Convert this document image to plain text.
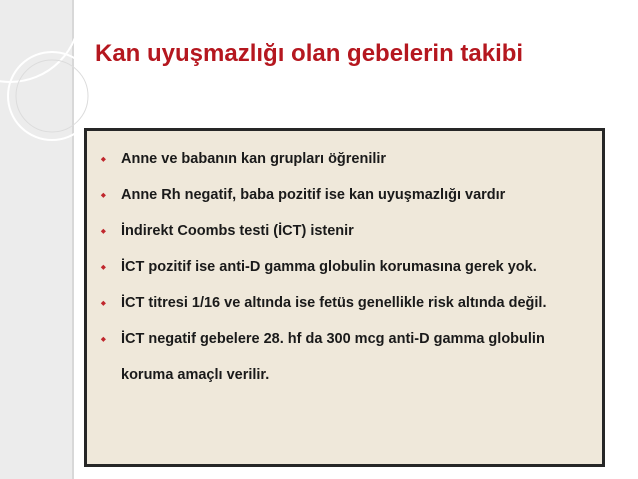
Kan uyuşmazlığı olan gebelerin takibi
⬩	Anne ve babanın kan grupları öğrenilir
⬩	Anne Rh negatif, baba pozitif ise kan uyuşmazlığı vardır
⬩	İndirekt Coombs testi (İCT) istenir
⬩	İCT pozitif ise anti-D gamma globulin korumasına gerek yok.
⬩	İCT titresi 1/16 ve altında ise fetüs genellikle risk altında değil.
⬩	İCT negatif gebelere 28. hf da 300 mcg anti-D gamma globulin koruma amaçlı verilir.
